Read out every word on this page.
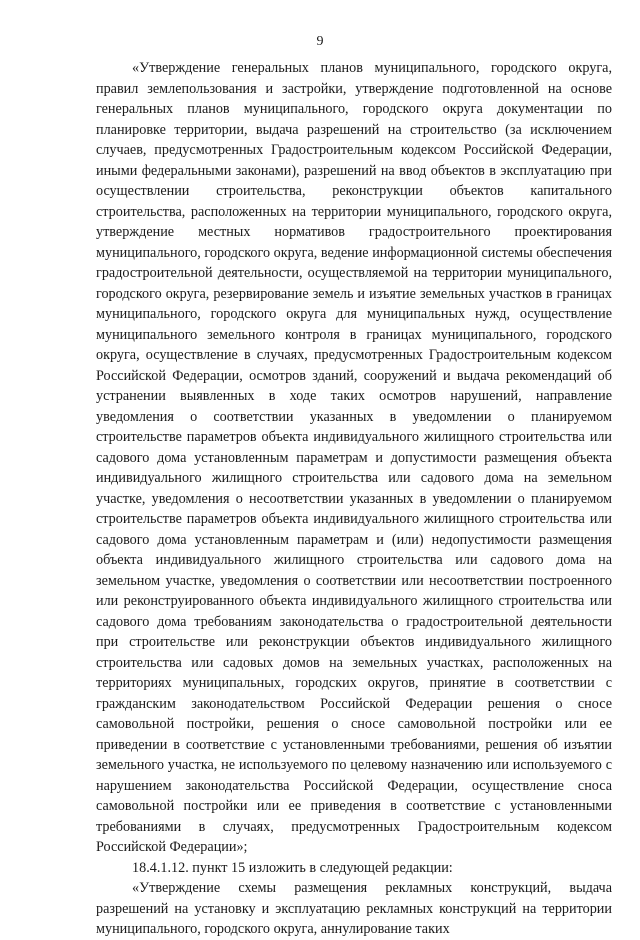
9

«Утверждение генеральных планов муниципального, городского округа, правил землепользования и застройки, утверждение подготовленной на основе генеральных планов муниципального, городского округа документации по планировке территории, выдача разрешений на строительство (за исключением случаев, предусмотренных Градостроительным кодексом Российской Федерации, иными федеральными законами), разрешений на ввод объектов в эксплуатацию при осуществлении строительства, реконструкции объектов капитального строительства, расположенных на территории муниципального, городского округа, утверждение местных нормативов градостроительного проектирования муниципального, городского округа, ведение информационной системы обеспечения градостроительной деятельности, осуществляемой на территории муниципального, городского округа, резервирование земель и изъятие земельных участков в границах муниципального, городского округа для муниципальных нужд, осуществление муниципального земельного контроля в границах муниципального, городского округа, осуществление в случаях, предусмотренных Градостроительным кодексом Российской Федерации, осмотров зданий, сооружений и выдача рекомендаций об устранении выявленных в ходе таких осмотров нарушений, направление уведомления о соответствии указанных в уведомлении о планируемом строительстве параметров объекта индивидуального жилищного строительства или садового дома установленным параметрам и допустимости размещения объекта индивидуального жилищного строительства или садового дома на земельном участке, уведомления о несоответствии указанных в уведомлении о планируемом строительстве параметров объекта индивидуального жилищного строительства или садового дома установленным параметрам и (или) недопустимости размещения объекта индивидуального жилищного строительства или садового дома на земельном участке, уведомления о соответствии или несоответствии построенного или реконструированного объекта индивидуального жилищного строительства или садового дома требованиям законодательства о градостроительной деятельности при строительстве или реконструкции объектов индивидуального жилищного строительства или садовых домов на земельных участках, расположенных на территориях муниципальных, городских округов, принятие в соответствии с гражданским законодательством Российской Федерации решения о сносе самовольной постройки, решения о сносе самовольной постройки или ее приведении в соответствие с установленными требованиями, решения об изъятии земельного участка, не используемого по целевому назначению или используемого с нарушением законодательства Российской Федерации, осуществление сноса самовольной постройки или ее приведения в соответствие с установленными требованиями в случаях, предусмотренных Градостроительным кодексом Российской Федерации»;

18.4.1.12. пункт 15 изложить в следующей редакции:

«Утверждение схемы размещения рекламных конструкций, выдача разрешений на установку и эксплуатацию рекламных конструкций на территории муниципального, городского округа, аннулирование таких
